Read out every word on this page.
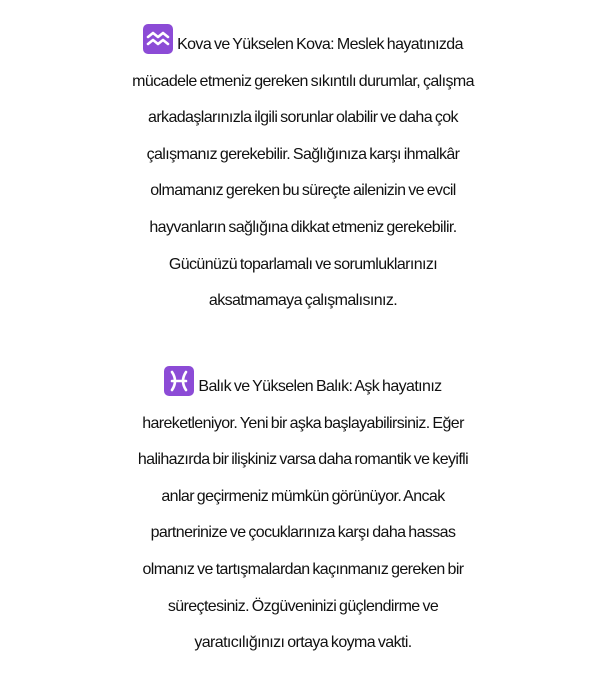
Kova ve Yükselen Kova: Meslek hayatınızda
mücadele etmeniz gereken sıkıntılı durumlar, çalışma
arkadaşlarınızla ilgili sorunlar olabilir ve daha çok
çalışmanız gerekebilir. Sağlığınıza karşı ihmalkâr
olmamanız gereken bu süreçte ailenizin ve evcil
hayvanların sağlığına dikkat etmeniz gerekebilir.
Gücünüzü toparlamalı ve sorumluklarınızı
aksatmamaya çalışmalısınız.
Balık ve Yükselen Balık: Aşk hayatınız
hareketleniyor. Yeni bir aşka başlayabilirsiniz. Eğer
halihazırda bir ilişkiniz varsa daha romantik ve keyifli
anlar geçirmeniz mümkün görünüyor. Ancak
partnerinize ve çocuklarınıza karşı daha hassas
olmanız ve tartışmalardan kaçınmanız gereken bir
süreçtesiniz. Özgüveninizi güçlendirme ve
yaratıcılığınızı ortaya koyma vakti.
